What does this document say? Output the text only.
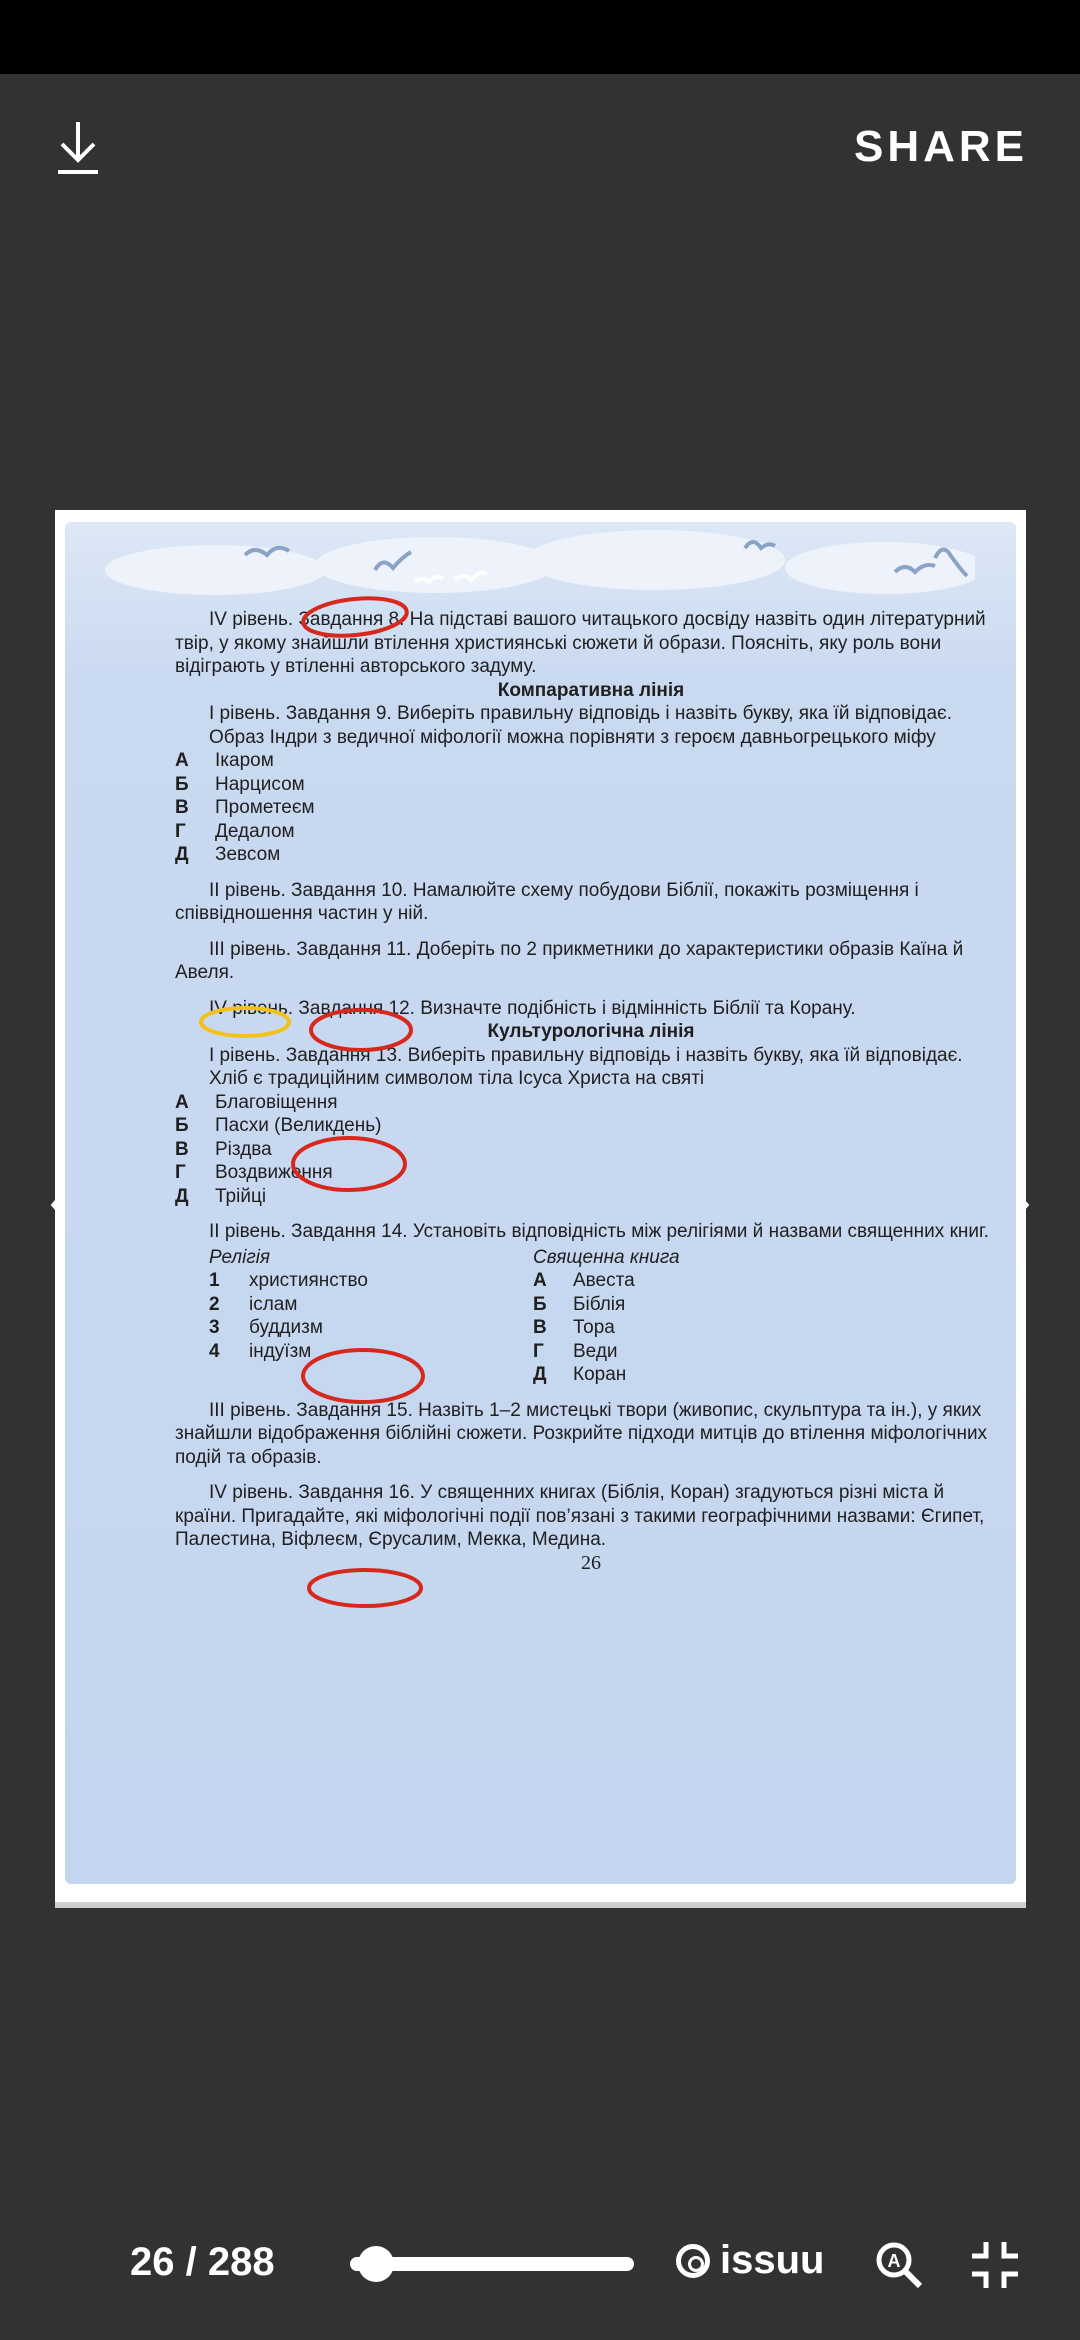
SHARE

IV рівень. Завдання 8. На підставі вашого читацького досвіду назвіть один літературний твір, у якому знайшли втілення християнські сюжети й образи. Поясніть, яку роль вони відіграють у втіленні авторського задуму.

Компаративна лінія

І рівень. Завдання 9. Виберіть правильну відповідь і назвіть букву, яка їй відповідає.

Образ Індри з ведичної міфології можна порівняти з героєм давньогрецького міфу

А Ікаром

Б Нарцисом

В Прометеєм

Г Дедалом

Д Зевсом

ІІ рівень. Завдання 10. Намалюйте схему побудови Біблії, покажіть розміщення і співвідношення частин у ній.

ІІІ рівень. Завдання 11. Доберіть по 2 прикметники до характеристики образів Каїна й Авеля.

IV рівень. Завдання 12. Визначте подібність і відмінність Біблії та Корану.

Культурологічна лінія

І рівень. Завдання 13. Виберіть правильну відповідь і назвіть букву, яка їй відповідає.

Хліб є традиційним символом тіла Ісуса Христа на святі

А Благовіщення

Б Пасхи (Великдень)

В Різдва

Г Воздвиження

Д Трійці

ІІ рівень. Завдання 14. Установіть відповідність між релігіями й назвами священних книг.

Релігія

1 християнство

2 іслам

3 буддизм

4 індуїзм

Священна книга

А Авеста

Б Біблія

В Тора

Г Веди

Д Коран

ІІІ рівень. Завдання 15. Назвіть 1–2 мистецькі твори (живопис, скульптура та ін.), у яких знайшли відображення біблійні сюжети. Розкрийте підходи митців до втілення міфологічних подій та образів.

IV рівень. Завдання 16. У священних книгах (Біблія, Коран) згадуються різні міста й країни. Пригадайте, які міфологічні події пов’язані з такими географічними назвами: Єгипет, Палестина, Віфлеєм, Єрусалим, Мекка, Медина.

26

26 / 288	issuu	A
